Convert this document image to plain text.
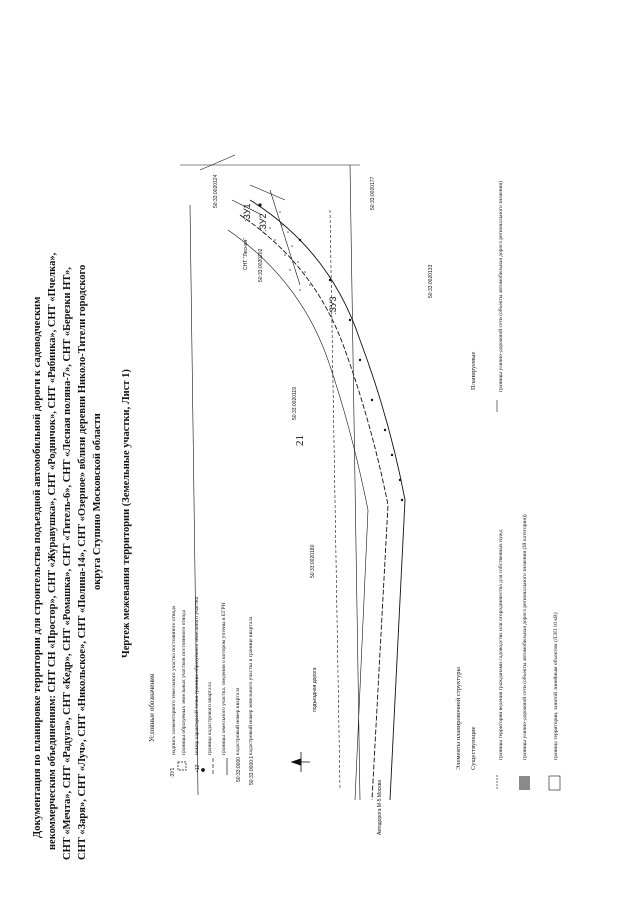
21
Документация по планировке территории для строительства подъездной автомобильной дороги к садоводческим некоммерческим объединениям: СНТ СН «Простор», СНТ «Журавушка», СНТ «Родничок», СНТ «Рябинка», СНТ «Пчелка», СНТ «Мечта», СНТ «Радуга», СНТ «Кедр», СНТ «Ромашка», СНТ «Титель-6», СНТ «Лесная поляна-7», СНТ «Березки НТ», СНТ «Заря», СНТ «Луч», СНТ «Никольское», СНТ «Полина-14», СНТ «Озерное» вблизи деревни Николо-Тители городского округа Ступино Московской области Чертеж межевания территории (Земельные участки, Лист 1)
Условные обозначения	надпись элементарного земельного участка постоянного отвода границы образуемых земельных участков постоянного отвода номер характерной точки границы образуемого земельного участка граница кадастрового квартала границы земельного участка, сведения о котором учтены в ЕГРН кадастровый номер квартала кадастровый номер земельного участка в границе квартала
:ЗУ1	•12	50:33:0000 50:33:0000:1
Элементы планировочной структуры Существующие	границы территории ведения гражданами садоводства или огородничества для собственных нужд	границы улично-дорожной сети (объекты автомобильная дорога регионального значения (III категория))	граница территории, занятой линейным объектом (ЛЭП 10 кВ)
Планируемые	границы улично-дорожной сети (объекты автомобильная дорога регионального значения)
:ЗУ1
:ЗУ2
:ЗУ3
50:33:0020202
50:33:0020124	50:33:0020177
50:33:0020119
50:33:0020133
50:33:0020180
подъездная дорога
СНТ "Лесная"
Автодорога М-5 Москва
